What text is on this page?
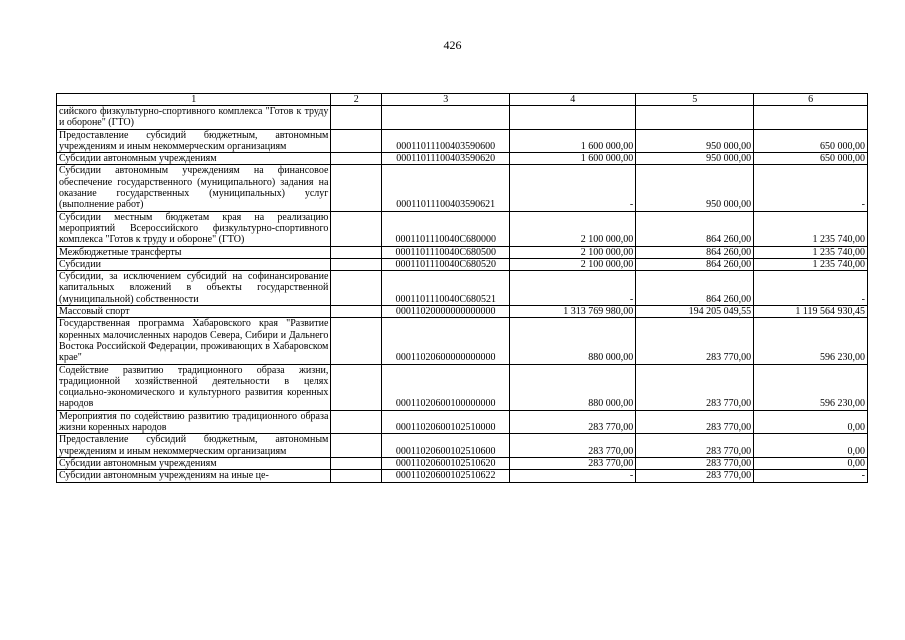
426
1	2	3	4	5	6
сийского физкультурно-спортивного комплекса "Готов к труду и обороне" (ГТО)					
Предоставление субсидий бюджетным, автономным учреждениям и иным некоммерческим организациям		00011011100403590600	1 600 000,00	950 000,00	650 000,00
Субсидии автономным учреждениям		00011011100403590620	1 600 000,00	950 000,00	650 000,00
Субсидии автономным учреждениям на финансовое обеспечение государственного (муниципального) задания на оказание государственных (муниципальных) услуг (выполнение работ)		00011011100403590621	-	950 000,00	-
Субсидии местным бюджетам края на реализацию мероприятий Всероссийского физкультурно-спортивного комплекса "Готов к труду и обороне" (ГТО)		0001101110040С680000	2 100 000,00	864 260,00	1 235 740,00
Межбюджетные трансферты		0001101110040С680500	2 100 000,00	864 260,00	1 235 740,00
Субсидии		0001101110040С680520	2 100 000,00	864 260,00	1 235 740,00
Субсидии, за исключением субсидий на софинансирование капитальных вложений в объекты государственной (муниципальной) собственности		0001101110040С680521	-	864 260,00	-
Массовый спорт		00011020000000000000	1 313 769 980,00	194 205 049,55	1 119 564 930,45
Государственная программа Хабаровского края "Развитие коренных малочисленных народов Севера, Сибири и Дальнего Востока Российской Федерации, проживающих в Хабаровском крае"		00011020600000000000	880 000,00	283 770,00	596 230,00
Содействие развитию традиционного образа жизни, традиционной хозяйственной деятельности в целях социально-экономического и культурного развития коренных народов		00011020600100000000	880 000,00	283 770,00	596 230,00
Мероприятия по содействию развитию традиционного образа жизни коренных народов		00011020600102510000	283 770,00	283 770,00	0,00
Предоставление субсидий бюджетным, автономным учреждениям и иным некоммерческим организациям		00011020600102510600	283 770,00	283 770,00	0,00
Субсидии автономным учреждениям		00011020600102510620	283 770,00	283 770,00	0,00
Субсидии автономным учреждениям на иные це-		00011020600102510622	-	283 770,00	-
